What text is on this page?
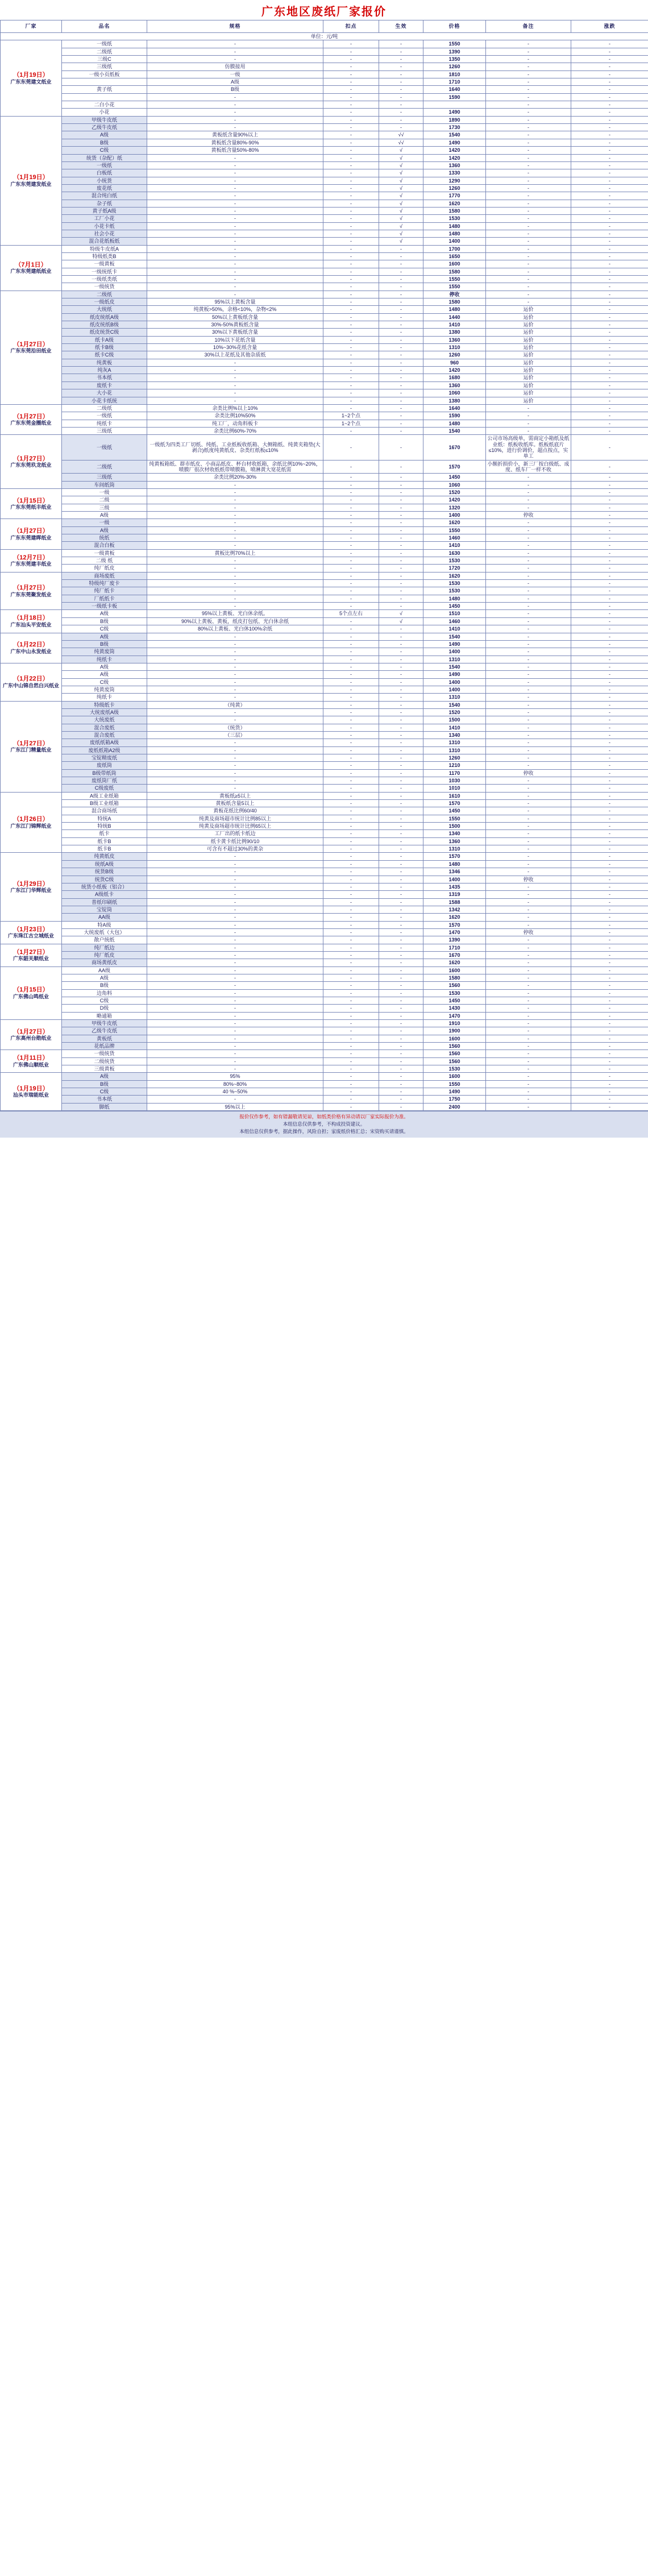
广东地区废纸厂家报价
厂家	品名	规格	扣点	生效	价格	备注	涨跌
单位：元/吨							

（1月19日）
广东东莞建文纸业	一级纸	-	-	-	1550	-	-
	二级纸	-	-	-	1390	-	-
	三级C	-	-	-	1350	-	-
	三级纸	仿膜接用	-	-	1260	-	-
	一级小页纸板	一级	-	-	1810	-	-
		A级	-	-	1710	-	-
	黄子纸	B级	-	-	1640	-	-
		-	-	-	1590	-	-
	二白小花	-	-	-		-	-
	小花	-	-	-	1490	-	-

（1月19日）
广东东莞建发纸业	甲级牛皮纸	-	-	-	1890	-	-
	乙级牛皮纸	-	-	-	1730	-	-
	A级	黄板纸含量90%以上	-	√√	1540	-	-
	B级	黄板纸含量80%-90%	-	√√	1490	-	-
	C级	黄板纸含量50%-80%	-	√	1420	-	-
	统货（杂配）纸	-	-	√	1420	-	-
	一级纸	-	-	√	1360	-	-
	白板纸	-	-	√	1330	-	-
	小统货	-	-	√	1290	-	-
	废花纸	-	-	√	1260	-	-
	混合纯白纸	-	-	√	1770	-	-
	杂子纸	-	-	√	1620	-	-
	黄子纸A级	-	-	√	1580	-	-
	工厂小花	-	-	√	1530	-	-
	小花卡纸	-	-	√	1480	-	-
	社会小花	-	-	√	1480	-	-
	混合花纸板纸	-	-	√	1400	-	-

（7月1日）
广东东莞建纸纸业	特级牛皮纸A	-	-	-	1700	-	-
	特级纸类B	-	-	-	1650	-	-
	一级黄板	-	-	-	1600	-	-
	一级统纸卡	-	-	-	1580	-	-
	一级纸类纸	-	-	-	1550	-	-
	一级统货	-	-	-	1550	-	-

（1月27日）
广东东莞沿田纸业	二级纸	-	-	-	停收	-	-
	一级纸皮	95%以上黄板含量	-	-	1580	-	-
	大统纸	纯黄板>50%，余格<10%，杂物<2%	-	-	1480	运价	-
	纸皮统纸A级	50%以上黄板纸含量	-	-	1440	运价	-
	纸皮统纸B级	30%-50%黄板纸含量	-	-	1410	运价	-
	纸皮统货C级	30%以下黄板纸含量	-	-	1380	运价	-
	纸卡A级	10%以下花纸含量	-	-	1360	运价	-
	纸卡B级	10%~30%花纸含量	-	-	1310	运价	-
	纸卡C级	30%以上花纸及其他杂质纸	-	-	1260	运价	-
	纯黄板	-	-	-	960	运价	-
	纯灰A	-	-	-	1420	运价	-
	书本纸	-	-	-	1680	运价	-
	废纸卡	-	-	-	1360	运价	-
	大小花	-	-	-	1060	运价	-
	小花卡纸统	-	-	-	1380	运价	-

（1月27日）
广东东莞金圈纸业	二级纸	余类比例%以上10%	-	-	1640	-	-
	一级纸	余类比例10%50%	1~2个点	-	1590	-	-
	纯纸卡	纯工厂，动角料板卡	1~2个点	-	1480	-	-
	三级纸	余类比例60%-70%	-	-	1540	-	-

（1月27日）
广东东莞玖龙纸业	一级纸	一级纸为四类工厂切纸、纯纸、工业纸板收纸箱、大侧箱纸、纯黄夹箱垫(大剥合)纸度纯黄纸皮、杂类红纸板≤10%	-	-	1670	公司市场高级单，需商定小箱纸及纸业纸：纸板收纸库。纸板纸底片≤10%，进行价调价，超点按点，实单工	-
	二级纸	纯黄板箱纸、群市纸皮、小商品纸皮、杯台材收纸箱，余纸比例10%~20%，喷膜厂很次材收纸纸带喷膜箱，喷淋黄大宽花纸需	-	-	1570	小额折损价小，新三厂按白级纸、成度、纸车厂一样不收	-
	三级纸	余类比例20%-30%	-	-	1450	-	-
	车间纸筒	-	-	-	1060	-	-

（1月15日）
广东东莞纸丰纸业	一级	-	-	-	1520	-	-
	二级	-	-	-	1420	-	-
	三级	-	-	-	1320	-	-
	A级	-	-	-	1400	停收	-

（1月27日）
广东东莞建晖纸业	一级	-	-	-	1620	-	-
	A级	-	-	-	1550	-	-
	统纸	-	-	-	1460	-	-
	混合白板	-	-	-	1410	-	-

（12月7日）
广东东莞建丰纸业	一级黄板	黄板比例70%以上	-	-	1630	-	-
	二级 纸	-	-	-	1530	-	-
	纯厂纸皮	-	-	-	1720	-	-

（1月27日）
广东东莞聚发纸业	商场废纸	-	-	-	1620	-	-
	特级纯厂废卡	-	-	-	1530	-	-
	纯厂纸卡	-	-	-	1530	-	-
	厂纸纸卡	-	-	-	1480	-	-
	一级纸卡板	-	-	-	1450	-	-

（1月18日）
广东汕头平安纸业	A级	95%以上黄板、光白休余纸。	5个点左右	√	1510	-	-
	B级	90%以上黄板、黄板，纸皮打包纸、光白休余纸	-	√	1460	-	-
	C级	80%以上黄板、光白休100%余纸	-	-	1410	-	-

（1月22日）
广东中山永发纸业	A级	-	-	-	1540	-	-
	B级	-	-	-	1490	-	-
	纯黄废筒	-	-	-	1400	-	-
	纯纸卡	-	-	-	1310	-	-

（1月22日）
广东中山锦自然白兴纸业	A级	-	-	-	1540	-	-
	A级	-	-	-	1490	-	-
	C级	-	-	-	1400	-	-
	纯黄废筒	-	-	-	1400	-	-
	纯纸卡	-	-	-	1310	-	-

（1月27日）
广东江门精量纸业	特级纸卡	（纯黄）	-	-	1540	-	-
	大统废纸A级	-	-	-	1520	-	-
	大统废纸	-	-	-	1500	-	-
	混合废纸	（统货）	-	-	1410	-	-
	混合废纸	（三层）	-	-	1340	-	-
	废纸纸箱A级	-	-	-	1310	-	-
	废纸纸箱A2级	-	-	-	1310	-	-
	宝锭精废纸	-	-	-	1260	-	-
	废纸筒	-	-	-	1210	-	-
	B级带纸筒	-	-	-	1170	停收	-
	废纸筒厂纸	-	-	-	1030	-	-
	C级废纸	-	-	-	1010	-	-

（1月26日）
广东江门锦辉纸业	A级工业纸箱	黄板纸≥5以上	-	-	1610	-	-
	B级工业纸箱	黄板纸含量5以上	-	-	1570	-	-
	混合商场纸	黄板花纸比例60/40	-	-	1450	-	-
	特统A	纯黄及商场超市统计比例85以上	-	-	1550	-	-
	特统B	纯黄及商场超市统计比例65以上	-	-	1500	-	-
	纸卡	工厂出的纸卡纸边	-	-	1340	-	-
	纸卡B	纸卡黄卡纸比例90/10	-	-	1360	-	-
	纸卡B	可含有不超过30%的黄杂	-	-	1310	-	-

（1月29日）
广东江门华辉纸业	纯黄纸皮	-	-	-	1570	-	-
	统纸A级	-	-	-	1480	-	-
	统货B级	-	-	-	1346	-	-
	统货C级	-	-	-	1400	停收	-
	统货小纸板（铝合）	-	-	-	1435	-	-
	A级纸卡	-	-	-	1319	-	-
	普纸印刷纸	-	-	-	1588	-	-
	宝锭筒	-	-	-	1342	-	-
	AA级	-	-	-	1620	-	-

（1月23日）
广东珠江古立城纸业	特A级	-	-	-	1570	-	-
	大统废纸（大包）	-	-	-	1470	停收	-
	散户统纸	-	-	-	1390	-	-

（1月27日）
广东韶关顺纸业	纯厂纸边	-	-	-	1710	-	-
	纯厂纸皮	-	-	-	1670	-	-
	商场黄纸皮	-	-	-	1620	-	-

（1月15日）
广东佛山鸣纸业	AA级	-	-	-	1600	-	-
	A级	-	-	-	1580	-	-
	B级	-	-	-	1560	-	-
	边角料	-	-	-	1530	-	-
	C级	-	-	-	1450	-	-
	D级	-	-	-	1430	-	-
	略通箱	-	-	-	1470	-	-

（1月27日）
广东高州台勋纸业	甲级牛皮纸	-	-	-	1910	-	-
	乙级牛皮纸	-	-	-	1900	-	-
	黄板纸	-	-	-	1600	-	-
	花纸品牌	-	-	-	1560	-	-

（1月11日）
广东佛山顺纸业	一级统货	-	-	-	1560	-	-
	二级统货	-	-	-	1560	-	-
	三级黄板	-	-	-	1530	-	-

（1月19日）
汕头市瑞能纸业	A级	95%	-	-	1600	-	-
	B级	80%~80%	-	-	1550	-	-
	C级	40 %~50%	-	-	1490	-	-
	书本纸	-	-	-	1750	-	-
	脚纸	95%以上	-	-	2400	-	-
报价仅作参考，如有错漏敬请见谅，如纸类价格有异动请以厂家实际报价为准。
本组信息仅供参考，不构成投资建议。
本组信息仅供参考，据此操作，风险自担；家废纸价格汇总；宋资购买请谨慎。
